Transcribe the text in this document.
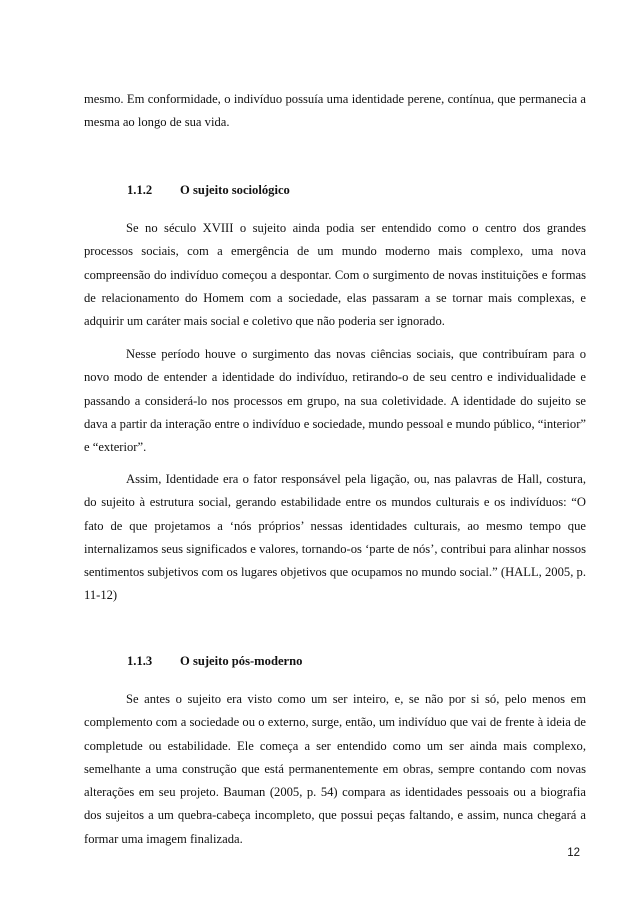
mesmo. Em conformidade, o indivíduo possuía uma identidade perene, contínua, que permanecia a mesma ao longo de sua vida.

1.1.2 O sujeito sociológico

Se no século XVIII o sujeito ainda podia ser entendido como o centro dos grandes processos sociais, com a emergência de um mundo moderno mais complexo, uma nova compreensão do indivíduo começou a despontar. Com o surgimento de novas instituições e formas de relacionamento do Homem com a sociedade, elas passaram a se tornar mais complexas, e adquirir um caráter mais social e coletivo que não poderia ser ignorado.

Nesse período houve o surgimento das novas ciências sociais, que contribuíram para o novo modo de entender a identidade do indivíduo, retirando-o de seu centro e individualidade e passando a considerá-lo nos processos em grupo, na sua coletividade. A identidade do sujeito se dava a partir da interação entre o indivíduo e sociedade, mundo pessoal e mundo público, “interior” e “exterior”.

Assim, Identidade era o fator responsável pela ligação, ou, nas palavras de Hall, costura, do sujeito à estrutura social, gerando estabilidade entre os mundos culturais e os indivíduos: “O fato de que projetamos a ‘nós próprios’ nessas identidades culturais, ao mesmo tempo que internalizamos seus significados e valores, tornando-os ‘parte de nós’, contribui para alinhar nossos sentimentos subjetivos com os lugares objetivos que ocupamos no mundo social.” (HALL, 2005, p. 11-12)

1.1.3 O sujeito pós-moderno

Se antes o sujeito era visto como um ser inteiro, e, se não por si só, pelo menos em complemento com a sociedade ou o externo, surge, então, um indivíduo que vai de frente à ideia de completude ou estabilidade. Ele começa a ser entendido como um ser ainda mais complexo, semelhante a uma construção que está permanentemente em obras, sempre contando com novas alterações em seu projeto. Bauman (2005, p. 54) compara as identidades pessoais ou a biografia dos sujeitos a um quebra-cabeça incompleto, que possui peças faltando, e assim, nunca chegará a formar uma imagem finalizada.

12
